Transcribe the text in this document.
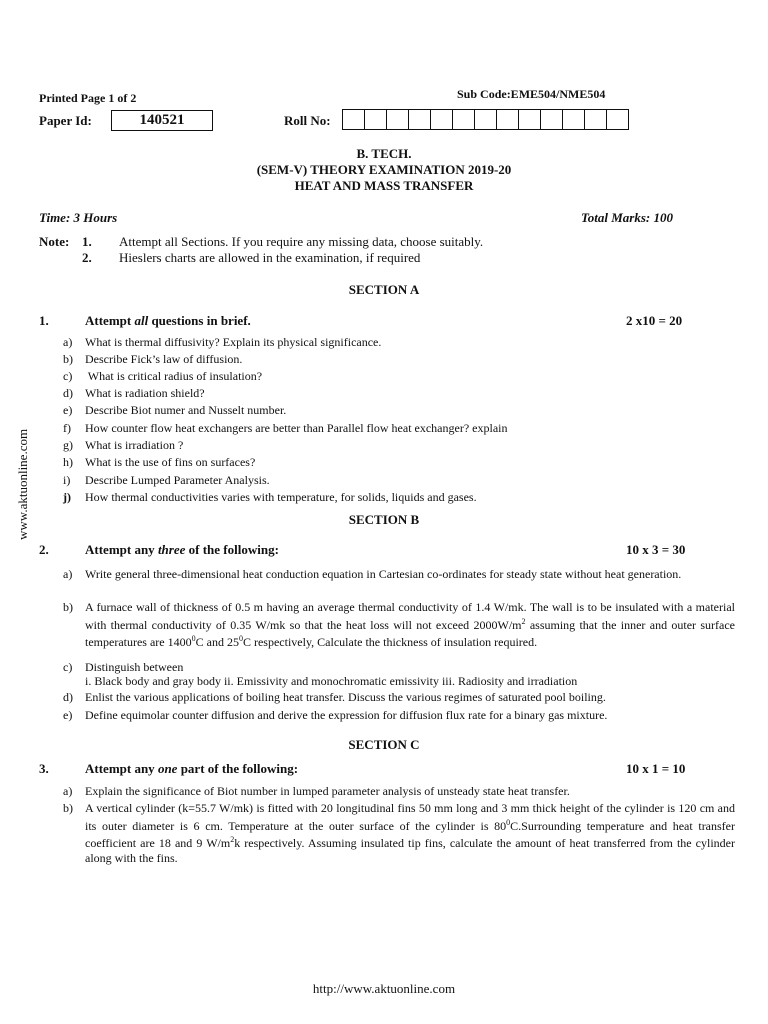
www.aktuonline.com
Printed Page 1 of 2	Sub Code:EME504/NME504
Paper Id:	140521	Roll No:
B. TECH.
(SEM-V) THEORY EXAMINATION 2019-20
HEAT AND MASS TRANSFER
Time: 3 Hours	Total Marks: 100
Note: 1. Attempt all Sections. If you require any missing data, choose suitably.
2. Hieslers charts are allowed in the examination, if required
SECTION A
1.	Attempt all questions in brief.	2 x10 = 20
a) What is thermal diffusivity? Explain its physical significance.
b) Describe Fick’s law of diffusion.
c) What is critical radius of insulation?
d) What is radiation shield?
e) Describe Biot numer and Nusselt number.
f) How counter flow heat exchangers are better than Parallel flow heat exchanger? explain
g) What is irradiation ?
h) What is the use of fins on surfaces?
i) Describe Lumped Parameter Analysis.
j) How thermal conductivities varies with temperature, for solids, liquids and gases.
SECTION B
2.	Attempt any three of the following:	10 x 3 = 30
a) Write general three-dimensional heat conduction equation in Cartesian co-ordinates for steady state without heat generation.
b) A furnace wall of thickness of 0.5 m having an average thermal conductivity of 1.4 W/mk. The wall is to be insulated with a material with thermal conductivity of 0.35 W/mk so that the heat loss will not exceed $2000W/m^2$ assuming that the inner and outer surface temperatures are 1400$^0$C and $25^0C$ respectively, Calculate the thickness of insulation required.
c) Distinguish between
i. Black body and gray body ii. Emissivity and monochromatic emissivity iii. Radiosity and irradiation
d) Enlist the various applications of boiling heat transfer. Discuss the various regimes of saturated pool boiling.
e) Define equimolar counter diffusion and derive the expression for diffusion flux rate for a binary gas mixture.
SECTION C
3.	Attempt any one part of the following:	10 x 1 = 10
a) Explain the significance of Biot number in lumped parameter analysis of unsteady state heat transfer.
b) A vertical cylinder (k=55.7 W/mk) is fitted with 20 longitudinal fins 50 mm long and 3 mm thick height of the cylinder is 120 cm and its outer diameter is 6 cm. Temperature at the outer surface of the cylinder is $80^0C.Surrounding$ temperature and heat transfer coefficient are 18 and 9 $W/m^2k$ respectively. Assuming insulated tip fins, calculate the amount of heat transferred from the cylinder along with the fins.
http://www.aktuonline.com
